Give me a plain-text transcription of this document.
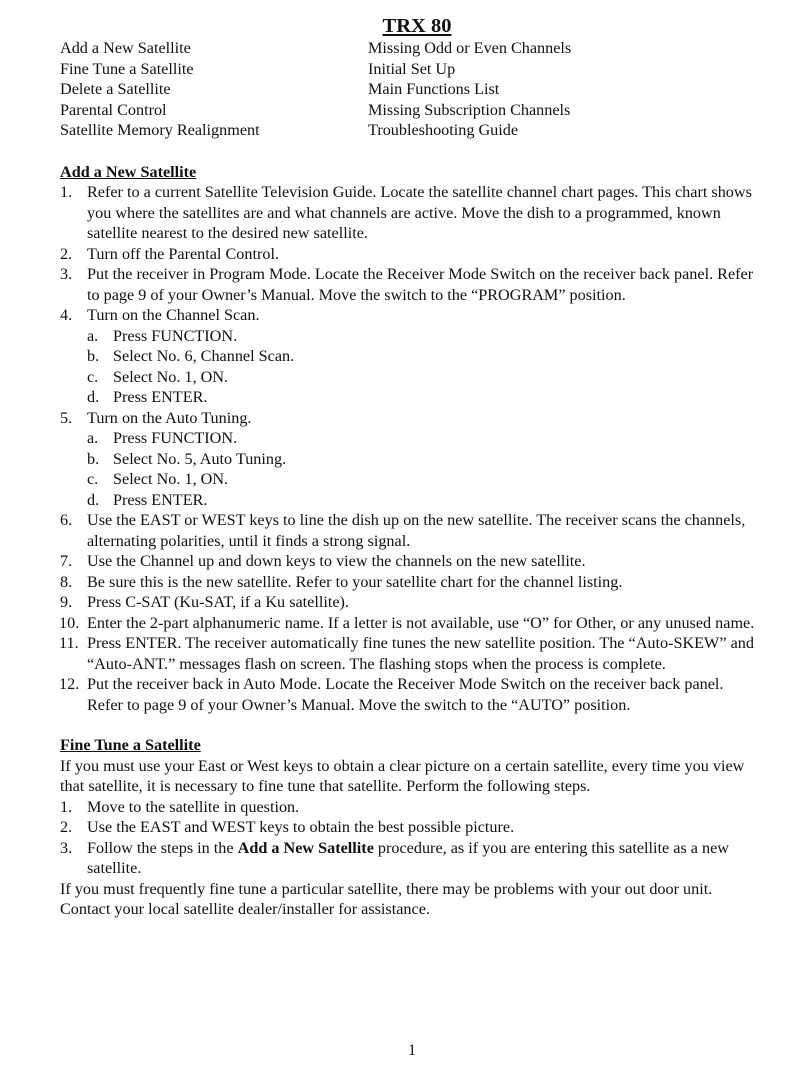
TRX 80
Add a New Satellite	Missing Odd or Even Channels
Fine Tune a Satellite	Initial Set Up
Delete a Satellite	Main Functions List
Parental Control	Missing Subscription Channels
Satellite Memory Realignment	Troubleshooting Guide
Add a New Satellite
1. Refer to a current Satellite Television Guide. Locate the satellite channel chart pages. This chart shows you where the satellites are and what channels are active. Move the dish to a programmed, known satellite nearest to the desired new satellite.
2. Turn off the Parental Control.
3. Put the receiver in Program Mode. Locate the Receiver Mode Switch on the receiver back panel. Refer to page 9 of your Owner’s Manual. Move the switch to the “PROGRAM” position.
4. Turn on the Channel Scan.
a. Press FUNCTION.
b. Select No. 6, Channel Scan.
c. Select No. 1, ON.
d. Press ENTER.
5. Turn on the Auto Tuning.
a. Press FUNCTION.
b. Select No. 5, Auto Tuning.
c. Select No. 1, ON.
d. Press ENTER.
6. Use the EAST or WEST keys to line the dish up on the new satellite. The receiver scans the channels, alternating polarities, until it finds a strong signal.
7. Use the Channel up and down keys to view the channels on the new satellite.
8. Be sure this is the new satellite. Refer to your satellite chart for the channel listing.
9. Press C-SAT (Ku-SAT, if a Ku satellite).
10. Enter the 2-part alphanumeric name. If a letter is not available, use “O” for Other, or any unused name.
11. Press ENTER. The receiver automatically fine tunes the new satellite position. The “Auto-SKEW” and “Auto-ANT.” messages flash on screen. The flashing stops when the process is complete.
12. Put the receiver back in Auto Mode. Locate the Receiver Mode Switch on the receiver back panel. Refer to page 9 of your Owner’s Manual. Move the switch to the “AUTO” position.
Fine Tune a Satellite
If you must use your East or West keys to obtain a clear picture on a certain satellite, every time you view that satellite, it is necessary to fine tune that satellite. Perform the following steps.
1. Move to the satellite in question.
2. Use the EAST and WEST keys to obtain the best possible picture.
3. Follow the steps in the Add a New Satellite procedure, as if you are entering this satellite as a new satellite.
If you must frequently fine tune a particular satellite, there may be problems with your out door unit. Contact your local satellite dealer/installer for assistance.
1
